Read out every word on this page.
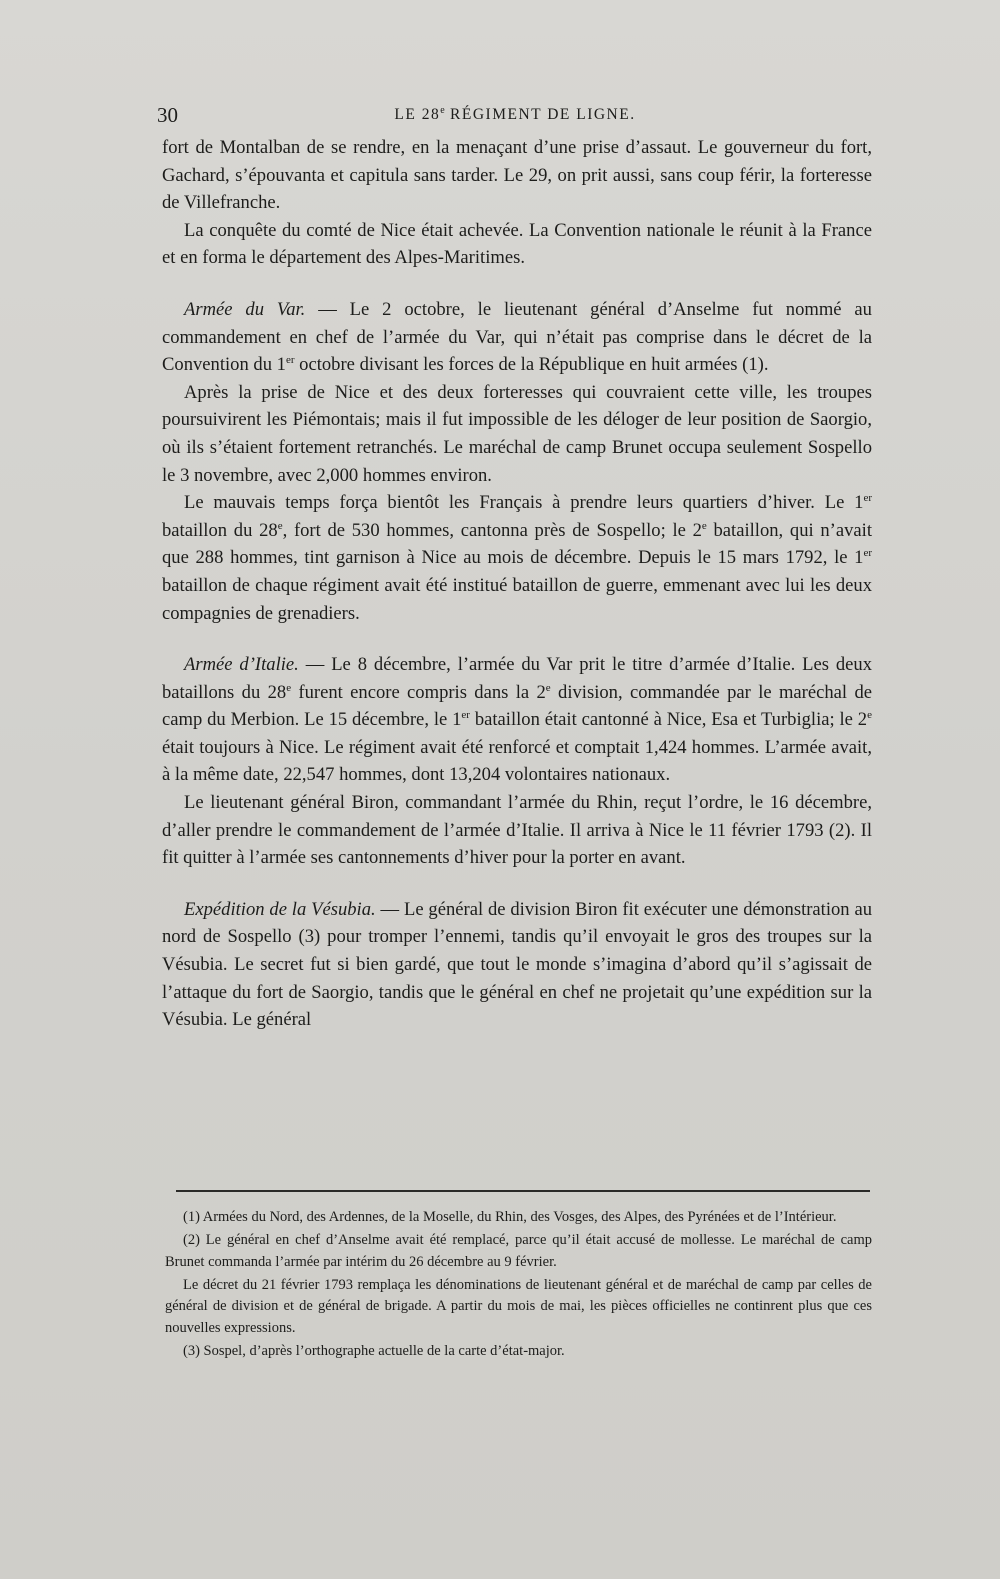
30	LE 28e RÉGIMENT DE LIGNE.

fort de Montalban de se rendre, en la menaçant d’une prise d’assaut. Le gouverneur du fort, Gachard, s’épouvanta et capitula sans tarder. Le 29, on prit aussi, sans coup férir, la forteresse de Villefranche.

La conquête du comté de Nice était achevée. La Convention nationale le réunit à la France et en forma le département des Alpes-Maritimes.

Armée du Var. — Le 2 octobre, le lieutenant général d’Anselme fut nommé au commandement en chef de l’armée du Var, qui n’était pas comprise dans le décret de la Convention du 1er octobre divisant les forces de la République en huit armées (1).

Après la prise de Nice et des deux forteresses qui couvraient cette ville, les troupes poursuivirent les Piémontais; mais il fut impossible de les déloger de leur position de Saorgio, où ils s’étaient fortement retranchés. Le maréchal de camp Brunet occupa seulement Sospello le 3 novembre, avec 2,000 hommes environ.

Le mauvais temps força bientôt les Français à prendre leurs quartiers d’hiver. Le 1er bataillon du 28e, fort de 530 hommes, cantonna près de Sospello; le 2e bataillon, qui n’avait que 288 hommes, tint garnison à Nice au mois de décembre. Depuis le 15 mars 1792, le 1er bataillon de chaque régiment avait été institué bataillon de guerre, emmenant avec lui les deux compagnies de grenadiers.

Armée d’Italie. — Le 8 décembre, l’armée du Var prit le titre d’armée d’Italie. Les deux bataillons du 28e furent encore compris dans la 2e division, commandée par le maréchal de camp du Merbion. Le 15 décembre, le 1er bataillon était cantonné à Nice, Esa et Turbiglia; le 2e était toujours à Nice. Le régiment avait été renforcé et comptait 1,424 hommes. L’armée avait, à la même date, 22,547 hommes, dont 13,204 volontaires nationaux.

Le lieutenant général Biron, commandant l’armée du Rhin, reçut l’ordre, le 16 décembre, d’aller prendre le commandement de l’armée d’Italie. Il arriva à Nice le 11 février 1793 (2). Il fit quitter à l’armée ses cantonnements d’hiver pour la porter en avant.

Expédition de la Vésubia. — Le général de division Biron fit exécuter une démonstration au nord de Sospello (3) pour tromper l’ennemi, tandis qu’il envoyait le gros des troupes sur la Vésubia. Le secret fut si bien gardé, que tout le monde s’imagina d’abord qu’il s’agissait de l’attaque du fort de Saorgio, tandis que le général en chef ne projetait qu’une expédition sur la Vésubia. Le général

(1) Armées du Nord, des Ardennes, de la Moselle, du Rhin, des Vosges, des Alpes, des Pyrénées et de l’Intérieur.

(2) Le général en chef d’Anselme avait été remplacé, parce qu’il était accusé de mollesse. Le maréchal de camp Brunet commanda l’armée par intérim du 26 décembre au 9 février.

Le décret du 21 février 1793 remplaça les dénominations de lieutenant général et de maréchal de camp par celles de général de division et de général de brigade. A partir du mois de mai, les pièces officielles ne continrent plus que ces nouvelles expressions.

(3) Sospel, d’après l’orthographe actuelle de la carte d’état-major.
